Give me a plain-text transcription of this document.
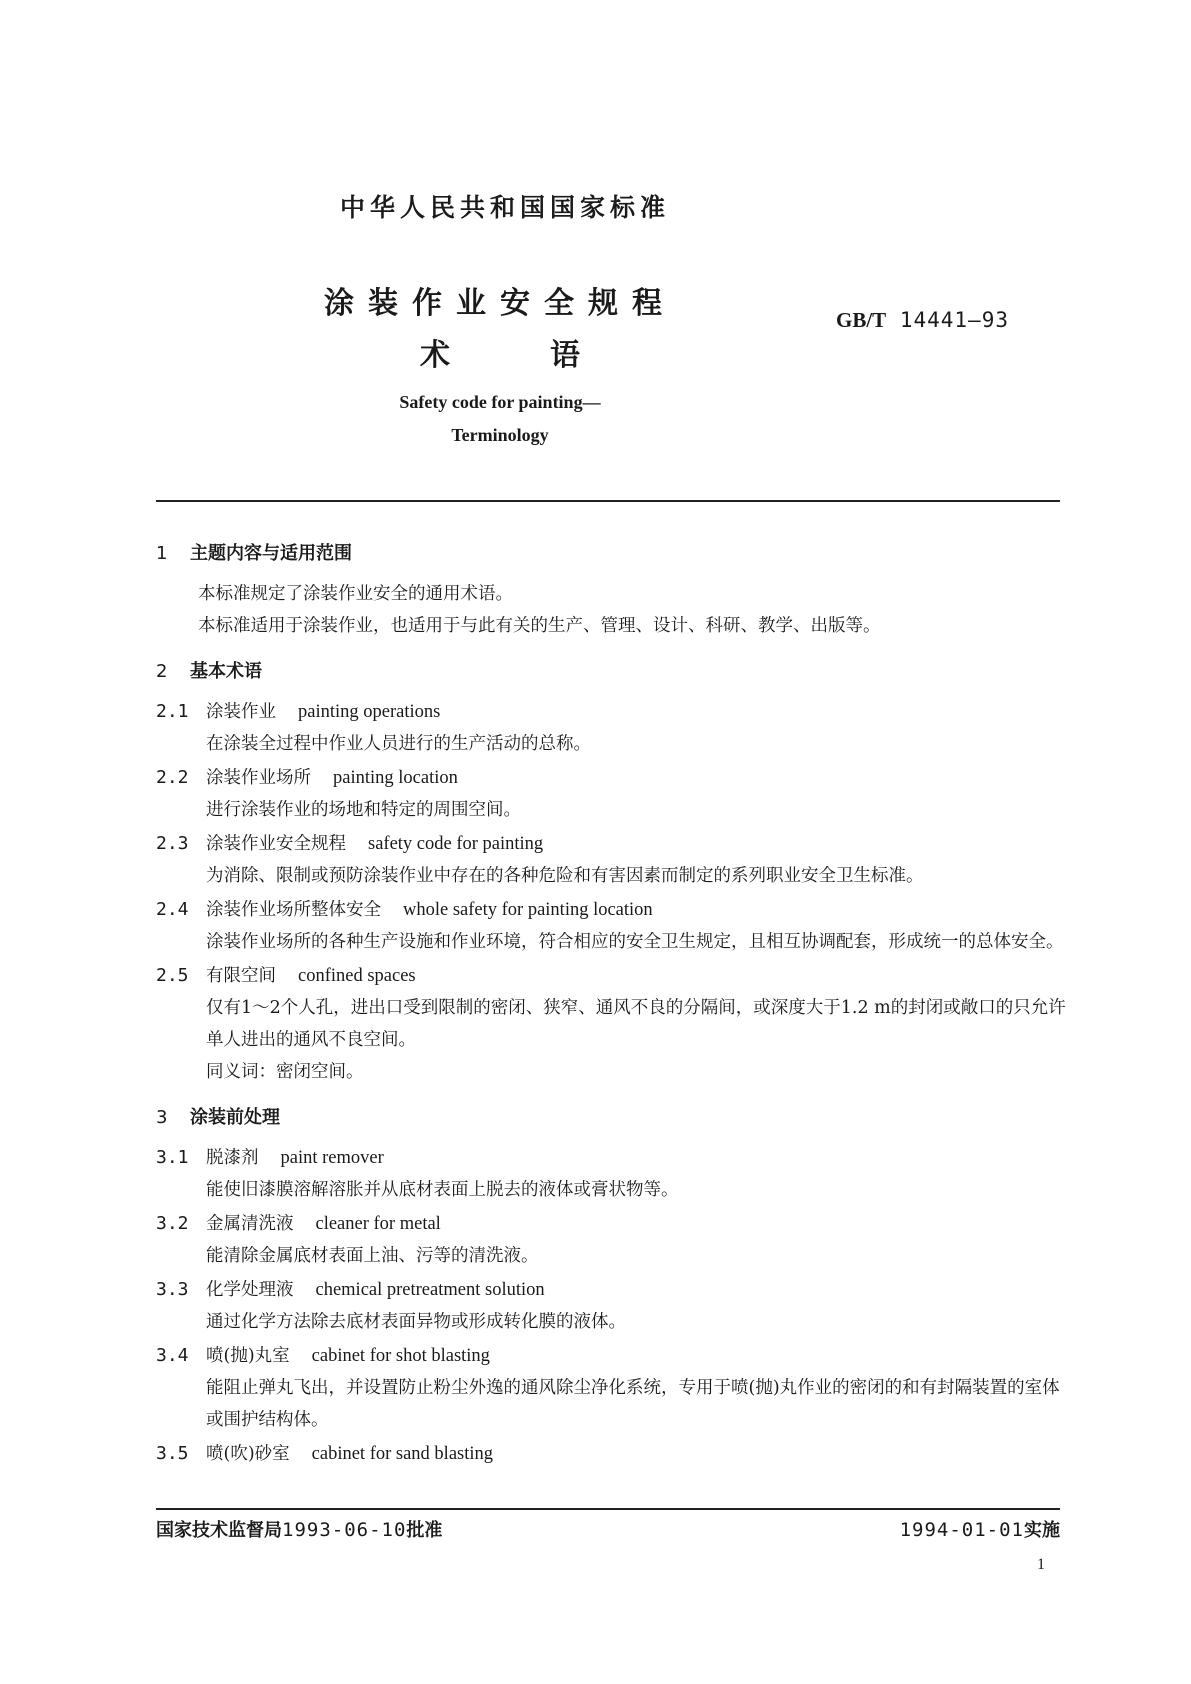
中华人民共和国国家标准
涂装作业安全规程
术语
GB/T 14441—93
Safety code for painting—
Terminology
1	主题内容与适用范围
本标准规定了涂装作业安全的通用术语。
本标准适用于涂装作业，也适用于与此有关的生产、管理、设计、科研、教学、出版等。
2	基本术语
2.1 涂装作业 painting operations
在涂装全过程中作业人员进行的生产活动的总称。
2.2 涂装作业场所 painting location
进行涂装作业的场地和特定的周围空间。
2.3 涂装作业安全规程 safety code for painting
为消除、限制或预防涂装作业中存在的各种危险和有害因素而制定的系列职业安全卫生标准。
2.4 涂装作业场所整体安全 whole safety for painting location
涂装作业场所的各种生产设施和作业环境，符合相应的安全卫生规定，且相互协调配套，形成统一的总体安全。
2.5 有限空间 confined spaces
仅有1～2个人孔，进出口受到限制的密闭、狭窄、通风不良的分隔间，或深度大于1.2 m的封闭或敞口的只允许单人进出的通风不良空间。
同义词：密闭空间。
3	涂装前处理
3.1 脱漆剂 paint remover
能使旧漆膜溶解溶胀并从底材表面上脱去的液体或膏状物等。
3.2 金属清洗液 cleaner for metal
能清除金属底材表面上油、污等的清洗液。
3.3 化学处理液 chemical pretreatment solution
通过化学方法除去底材表面异物或形成转化膜的液体。
3.4 喷(抛)丸室 cabinet for shot blasting
能阻止弹丸飞出，并设置防止粉尘外逸的通风除尘净化系统，专用于喷(抛)丸作业的密闭的和有封隔装置的室体或围护结构体。
3.5 喷(吹)砂室 cabinet for sand blasting
国家技术监督局1993-06-10批准	1994-01-01实施
1
